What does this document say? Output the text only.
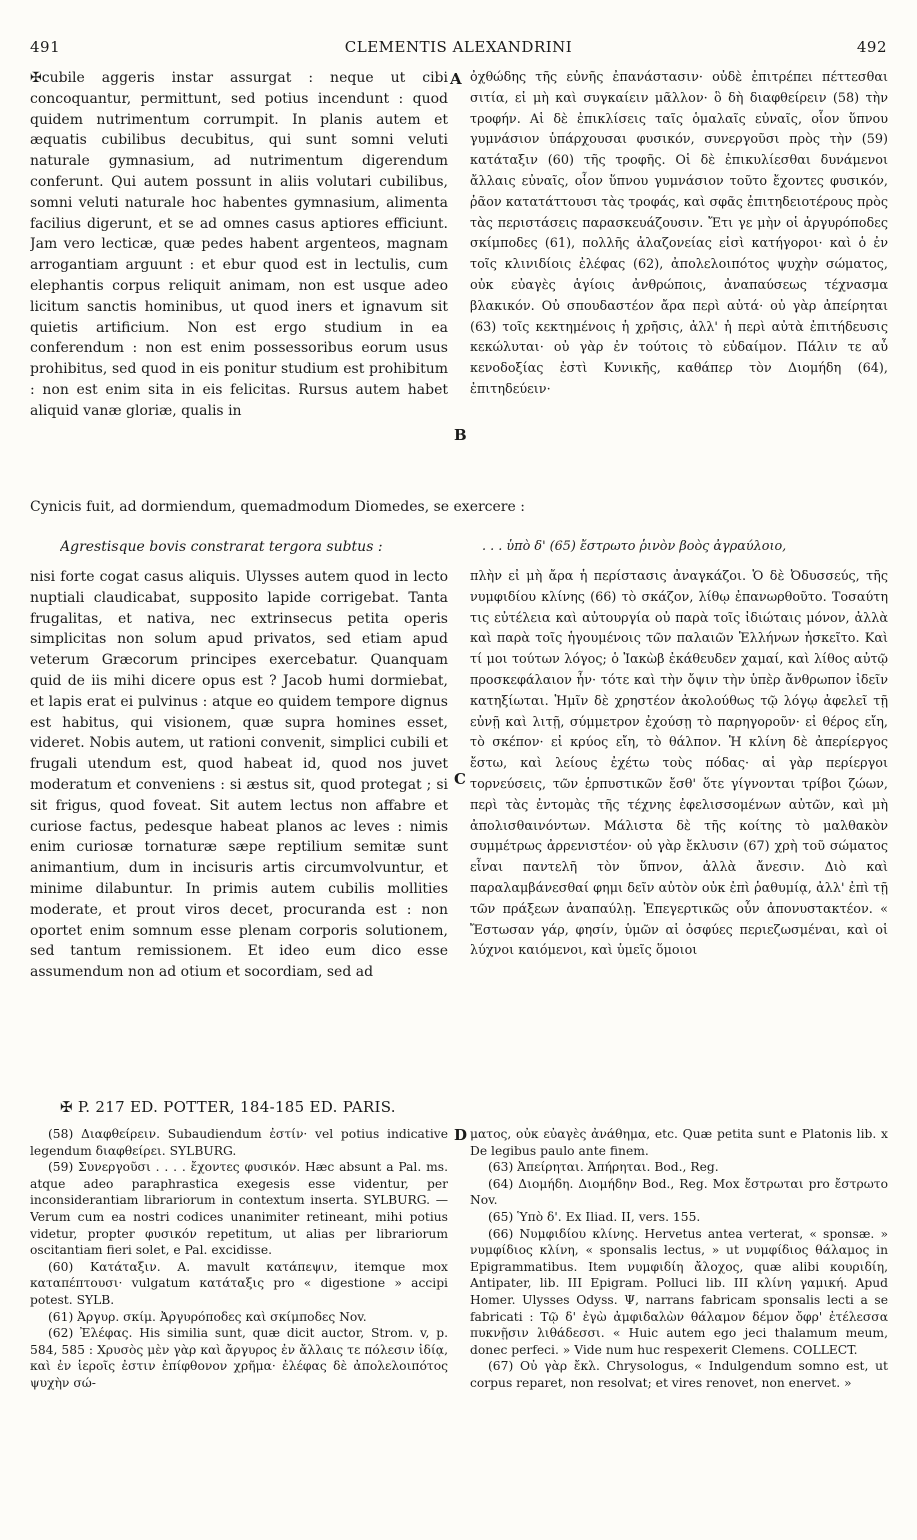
491	CLEMENTIS ALEXANDRINI	492
A
B
C
D
✠cubile aggeris instar assurgat : neque ut cibi concoquantur, permittunt, sed potius incendunt : quod quidem nutrimentum corrumpit. In planis autem et æquatis cubilibus decubitus, qui sunt somni veluti naturale gymnasium, ad nutrimentum digerendum conferunt. Qui autem possunt in aliis volutari cubilibus, somni veluti naturale hoc habentes gymnasium, alimenta facilius digerunt, et se ad omnes casus aptiores efficiunt. Jam vero lecticæ, quæ pedes habent argenteos, magnam arrogantiam arguunt : et ebur quod est in lectulis, cum elephantis corpus reliquit animam, non est usque adeo licitum sanctis hominibus, ut quod iners et ignavum sit quietis artificium. Non est ergo studium in ea conferendum : non est enim possessoribus eorum usus prohibitus, sed quod in eis ponitur studium est prohibitum : non est enim sita in eis felicitas. Rursus autem habet aliquid vanæ gloriæ, qualis in
ὀχθώδης τῆς εὐνῆς ἐπανάστασιν· οὐδὲ ἐπιτρέπει πέττεσθαι σιτία, εἰ μὴ καὶ συγκαίειν μᾶλλον· ὃ δὴ διαφθείρειν (58) τὴν τροφήν. Αἱ δὲ ἐπικλίσεις ταῖς ὁμαλαῖς εὐναῖς, οἷον ὕπνου γυμνάσιον ὑπάρχουσαι φυσικόν, συνεργοῦσι πρὸς τὴν (59) κατάταξιν (60) τῆς τροφῆς. Οἱ δὲ ἐπικυλίεσθαι δυνάμενοι ἄλλαις εὐναῖς, οἷον ὕπνου γυμνάσιον τοῦτο ἔχοντες φυσικόν, ῥᾶον κατατάττουσι τὰς τροφάς, καὶ σφᾶς ἐπιτηδειοτέρους πρὸς τὰς περιστάσεις παρασκευάζουσιν. Ἔτι γε μὴν οἱ ἀργυρόποδες σκίμποδες (61), πολλῆς ἀλαζονείας εἰσὶ κατήγοροι· καὶ ὁ ἐν τοῖς κλινιδίοις ἐλέφας (62), ἀπολελοιπότος ψυχὴν σώματος, οὐκ εὐαγὲς ἁγίοις ἀνθρώποις, ἀναπαύσεως τέχνασμα βλακικόν. Οὐ σπουδαστέον ἄρα περὶ αὐτά· οὐ γὰρ ἀπείρηται (63) τοῖς κεκτημένοις ἡ χρῆσις, ἀλλ' ἡ περὶ αὐτὰ ἐπιτήδευσις κεκώλυται· οὐ γὰρ ἐν τούτοις τὸ εὐδαίμον. Πάλιν τε αὖ κενοδοξίας ἐστὶ Κυνικῆς, καθάπερ τὸν Διομήδη (64), ἐπιτηδεύειν·
Cynicis fuit, ad dormiendum, quemadmodum Diomedes, se exercere :
Agrestisque bovis constrarat tergora subtus :	. . . ὑπὸ δ' (65) ἔστρωτο ῥινὸν βοὸς ἀγραύλοιο,
nisi forte cogat casus aliquis. Ulysses autem quod in lecto nuptiali claudicabat, supposito lapide corrigebat. Tanta frugalitas, et nativa, nec extrinsecus petita operis simplicitas non solum apud privatos, sed etiam apud veterum Græcorum principes exercebatur. Quanquam quid de iis mihi dicere opus est ? Jacob humi dormiebat, et lapis erat ei pulvinus : atque eo quidem tempore dignus est habitus, qui visionem, quæ supra homines esset, videret. Nobis autem, ut rationi convenit, simplici cubili et frugali utendum est, quod habeat id, quod nos juvet moderatum et conveniens : si æstus sit, quod protegat ; si sit frigus, quod foveat. Sit autem lectus non affabre et curiose factus, pedesque habeat planos ac leves : nimis enim curiosæ tornaturæ sæpe reptilium semitæ sunt animantium, dum in incisuris artis circumvolvuntur, et minime dilabuntur. In primis autem cubilis mollities moderate, et prout viros decet, procuranda est : non oportet enim somnum esse plenam corporis solutionem, sed tantum remissionem. Et ideo eum dico esse assumendum non ad otium et socordiam, sed ad
πλὴν εἰ μὴ ἄρα ἡ περίστασις ἀναγκάζοι. Ὁ δὲ Ὀδυσσεύς, τῆς νυμφιδίου κλίνης (66) τὸ σκάζον, λίθῳ ἐπανωρθοῦτο. Τοσαύτη τις εὐτέλεια καὶ αὐτουργία οὐ παρὰ τοῖς ἰδιώταις μόνον, ἀλλὰ καὶ παρὰ τοῖς ἡγουμένοις τῶν παλαιῶν Ἑλλήνων ἠσκεῖτο. Καὶ τί μοι τούτων λόγος; ὁ Ἰακὼβ ἐκάθευδεν χαμαί, καὶ λίθος αὐτῷ προσκεφάλαιον ἦν· τότε καὶ τὴν ὄψιν τὴν ὑπὲρ ἄνθρωπον ἰδεῖν κατηξίωται. Ἡμῖν δὲ χρηστέον ἀκολούθως τῷ λόγῳ ἀφελεῖ τῇ εὐνῇ καὶ λιτῇ, σύμμετρον ἐχούσῃ τὸ παρηγοροῦν· εἰ θέρος εἴη, τὸ σκέπον· εἰ κρύος εἴη, τὸ θάλπον. Ἡ κλίνη δὲ ἀπερίεργος ἔστω, καὶ λείους ἐχέτω τοὺς πόδας· αἱ γὰρ περίεργοι τορνεύσεις, τῶν ἑρπυστικῶν ἔσθ' ὅτε γίγνονται τρίβοι ζώων, περὶ τὰς ἐντομὰς τῆς τέχνης ἐφελισσομένων αὐτῶν, καὶ μὴ ἀπολισθαινόντων. Μάλιστα δὲ τῆς κοίτης τὸ μαλθακὸν συμμέτρως ἀρρενιστέον· οὐ γὰρ ἔκλυσιν (67) χρὴ τοῦ σώματος εἶναι παντελῆ τὸν ὕπνον, ἀλλὰ ἄνεσιν. Διὸ καὶ παραλαμβάνεσθαί φημι δεῖν αὐτὸν οὐκ ἐπὶ ῥαθυμίᾳ, ἀλλ' ἐπὶ τῇ τῶν πράξεων ἀναπαύλῃ. Ἐπεγερτικῶς οὖν ἀπονυστακτέον. « Ἔστωσαν γάρ, φησίν, ὑμῶν αἱ ὀσφύες περιεζωσμέναι, καὶ οἱ λύχνοι καιόμενοι, καὶ ὑμεῖς ὅμοιοι
✠ P. 217 ED. POTTER, 184-185 ED. PARIS.

(58) Διαφθείρειν. Subaudiendum ἐστίν· vel potius indicative legendum διαφθείρει. SYLBURG.

(59) Συνεργοῦσι . . . . ἔχοντες φυσικόν. Hæc absunt a Pal. ms. atque adeo paraphrastica exegesis esse videntur, per inconsiderantiam librariorum in contextum inserta. SYLBURG. — Verum cum ea nostri codices unanimiter retineant, mihi potius videtur, propter φυσικόν repetitum, ut alias per librariorum oscitantiam fieri solet, e Pal. excidisse.

(60) Κατάταξιν. A. mavult κατάπεψιν, itemque mox καταπέπτουσι· vulgatum κατάταξις pro « digestione » accipi potest. SYLB.

(61) Ἀργυρ. σκίμ. Ἀργυρόποδες καὶ σκίμποδες Nov.

(62) Ἐλέφας. His similia sunt, quæ dicit auctor, Strom. v, p. 584, 585 : Χρυσὸς μὲν γὰρ καὶ ἄργυρος ἐν ἄλλαις τε πόλεσιν ἰδίᾳ, καὶ ἐν ἱεροῖς ἐστιν ἐπίφθονον χρῆμα· ἐλέφας δὲ ἀπολελοιπότος ψυχὴν σώ-

ματος, οὐκ εὐαγὲς ἀνάθημα, etc. Quæ petita sunt e Platonis lib. x De legibus paulo ante finem.

(63) Ἀπείρηται. Ἀπήρηται. Bod., Reg.

(64) Διομήδη. Διομήδην Bod., Reg. Mox ἔστρωται pro ἔστρωτο Nov.

(65) Ὑπὸ δ'. Ex Iliad. II, vers. 155.

(66) Νυμφιδίου κλίνης. Hervetus antea verterat, « sponsæ. » νυμφίδιος κλίνη, « sponsalis lectus, » ut νυμφίδιος θάλαμος in Epigrammatibus. Item νυμφιδίη ἄλοχος, quæ alibi κουριδίη, Antipater, lib. III Epigram. Polluci lib. III κλίνη γαμική. Apud Homer. Ulysses Odyss. Ψ, narrans fabricam sponsalis lecti a se fabricati : Τῷ δ' ἐγὼ ἀμφιδαλὼν θάλαμον δέμον ὄφρ' ἐτέλεσσα πυκνῇσιν λιθάδεσσι. « Huic autem ego jeci thalamum meum, donec perfeci. » Vide num huc respexerit Clemens. COLLECT.

(67) Οὐ γὰρ ἔκλ. Chrysologus, « Indulgendum somno est, ut corpus reparet, non resolvat; et vires renovet, non enervet. »
